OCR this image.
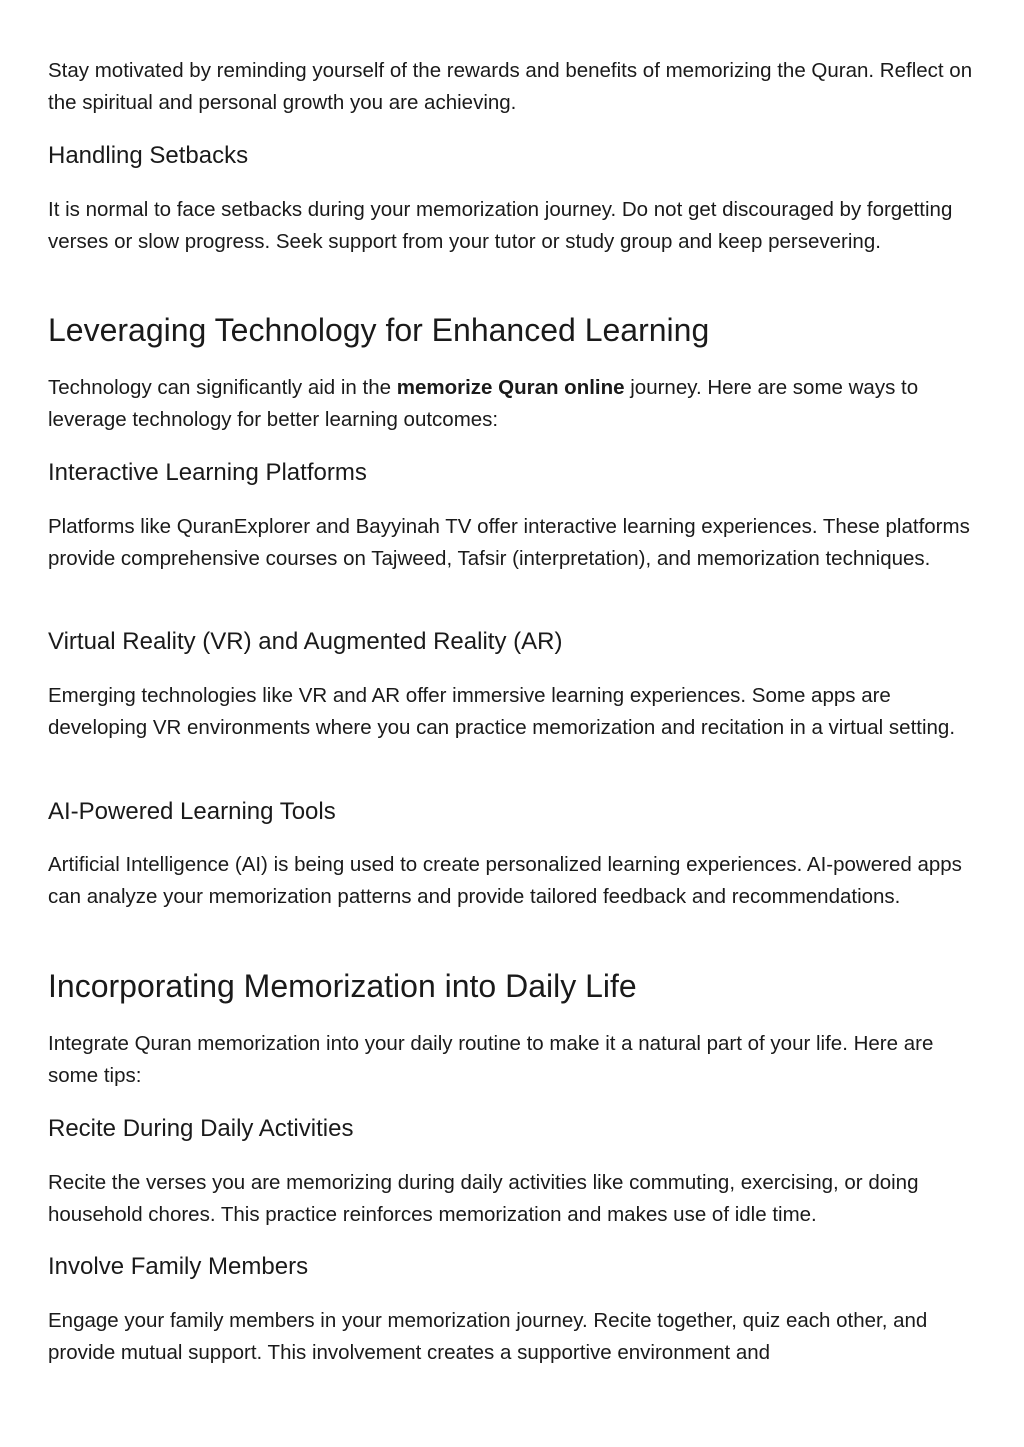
Stay motivated by reminding yourself of the rewards and benefits of memorizing the Quran. Reflect on the spiritual and personal growth you are achieving.

Handling Setbacks

It is normal to face setbacks during your memorization journey. Do not get discouraged by forgetting verses or slow progress. Seek support from your tutor or study group and keep persevering.

Leveraging Technology for Enhanced Learning

Technology can significantly aid in the memorize Quran online journey. Here are some ways to leverage technology for better learning outcomes:

Interactive Learning Platforms

Platforms like QuranExplorer and Bayyinah TV offer interactive learning experiences. These platforms provide comprehensive courses on Tajweed, Tafsir (interpretation), and memorization techniques.

Virtual Reality (VR) and Augmented Reality (AR)

Emerging technologies like VR and AR offer immersive learning experiences. Some apps are developing VR environments where you can practice memorization and recitation in a virtual setting.

AI-Powered Learning Tools

Artificial Intelligence (AI) is being used to create personalized learning experiences. AI-powered apps can analyze your memorization patterns and provide tailored feedback and recommendations.

Incorporating Memorization into Daily Life

Integrate Quran memorization into your daily routine to make it a natural part of your life. Here are some tips:

Recite During Daily Activities

Recite the verses you are memorizing during daily activities like commuting, exercising, or doing household chores. This practice reinforces memorization and makes use of idle time.

Involve Family Members

Engage your family members in your memorization journey. Recite together, quiz each other, and provide mutual support. This involvement creates a supportive environment and
